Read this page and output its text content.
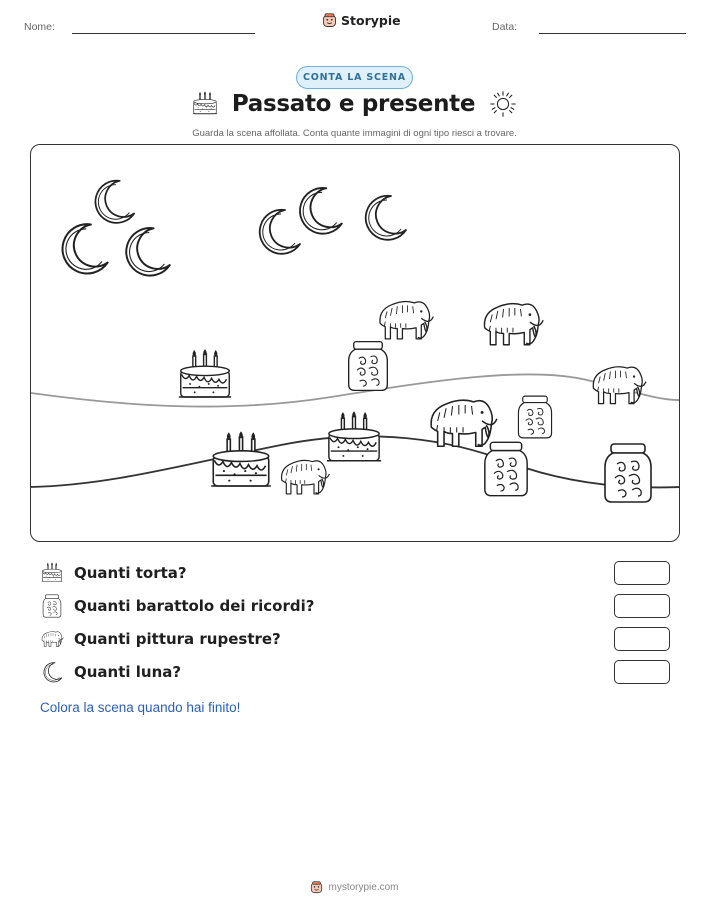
Nome:	Storypie	Data:
CONTA LA SCENA
Passato e presente
Guarda la scena affollata. Conta quante immagini di ogni tipo riesci a trovare.
Quanti torta?
Quanti barattolo dei ricordi?
Quanti pittura rupestre?
Quanti luna?
Colora la scena quando hai finito!
mystorypie.com
